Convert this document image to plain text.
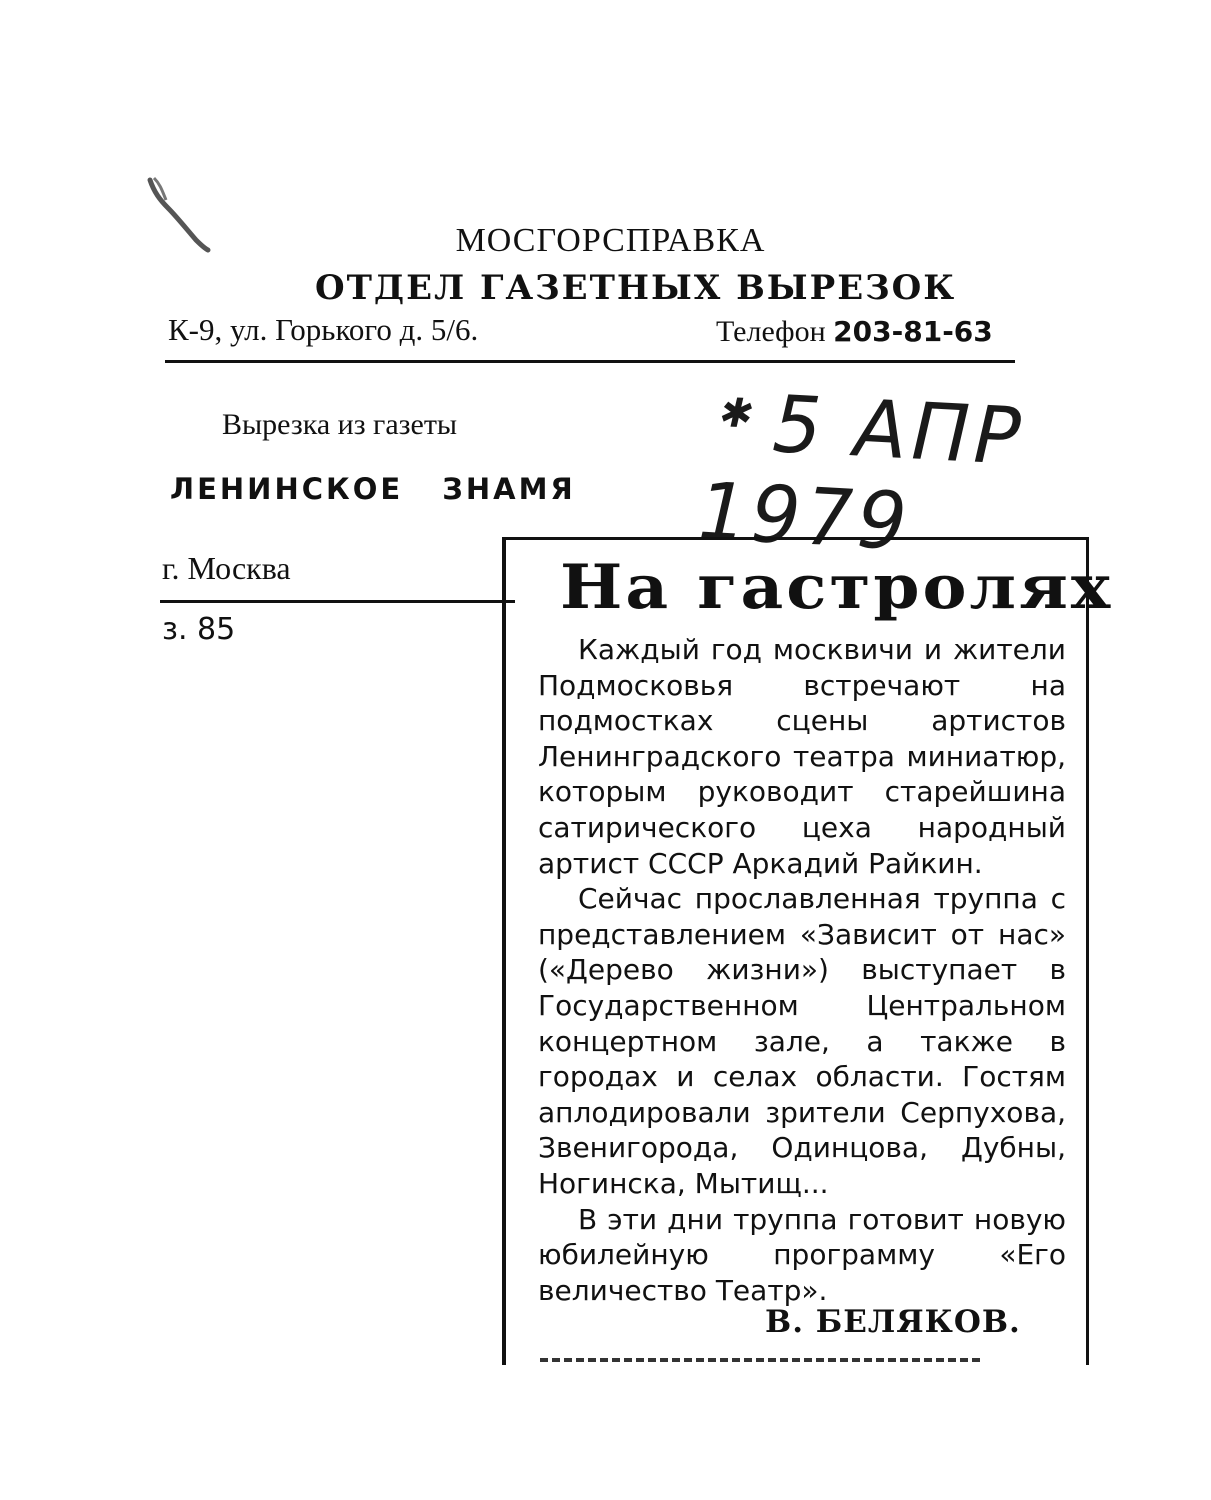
МОСГОРСПРАВКА
ОТДЕЛ ГАЗЕТНЫХ ВЫРЕЗОК
К-9, ул. Горького д. 5/6.	Телефон 203-81-63
Вырезка из газеты
ЛЕНИНСКОЕ ЗНАМЯ
✱5 АПР 1979
г. Москва
з. 85
На гастролях

Каждый год москвичи и жители Подмосковья встречают на подмостках сцены артистов Ленинградского театра миниатюр, которым руководит старейшина сатирического цеха народный артист СССР Аркадий Райкин.

Сейчас прославленная труппа с представлением «Зависит от нас» («Дерево жизни») выступает в Государственном Центральном концертном зале, а также в городах и селах области. Гостям аплодировали зрители Серпухова, Звенигорода, Одинцова, Дубны, Ногинска, Мытищ...

В эти дни труппа готовит новую юбилейную программу «Его величество Театр».

В. БЕЛЯКОВ.
